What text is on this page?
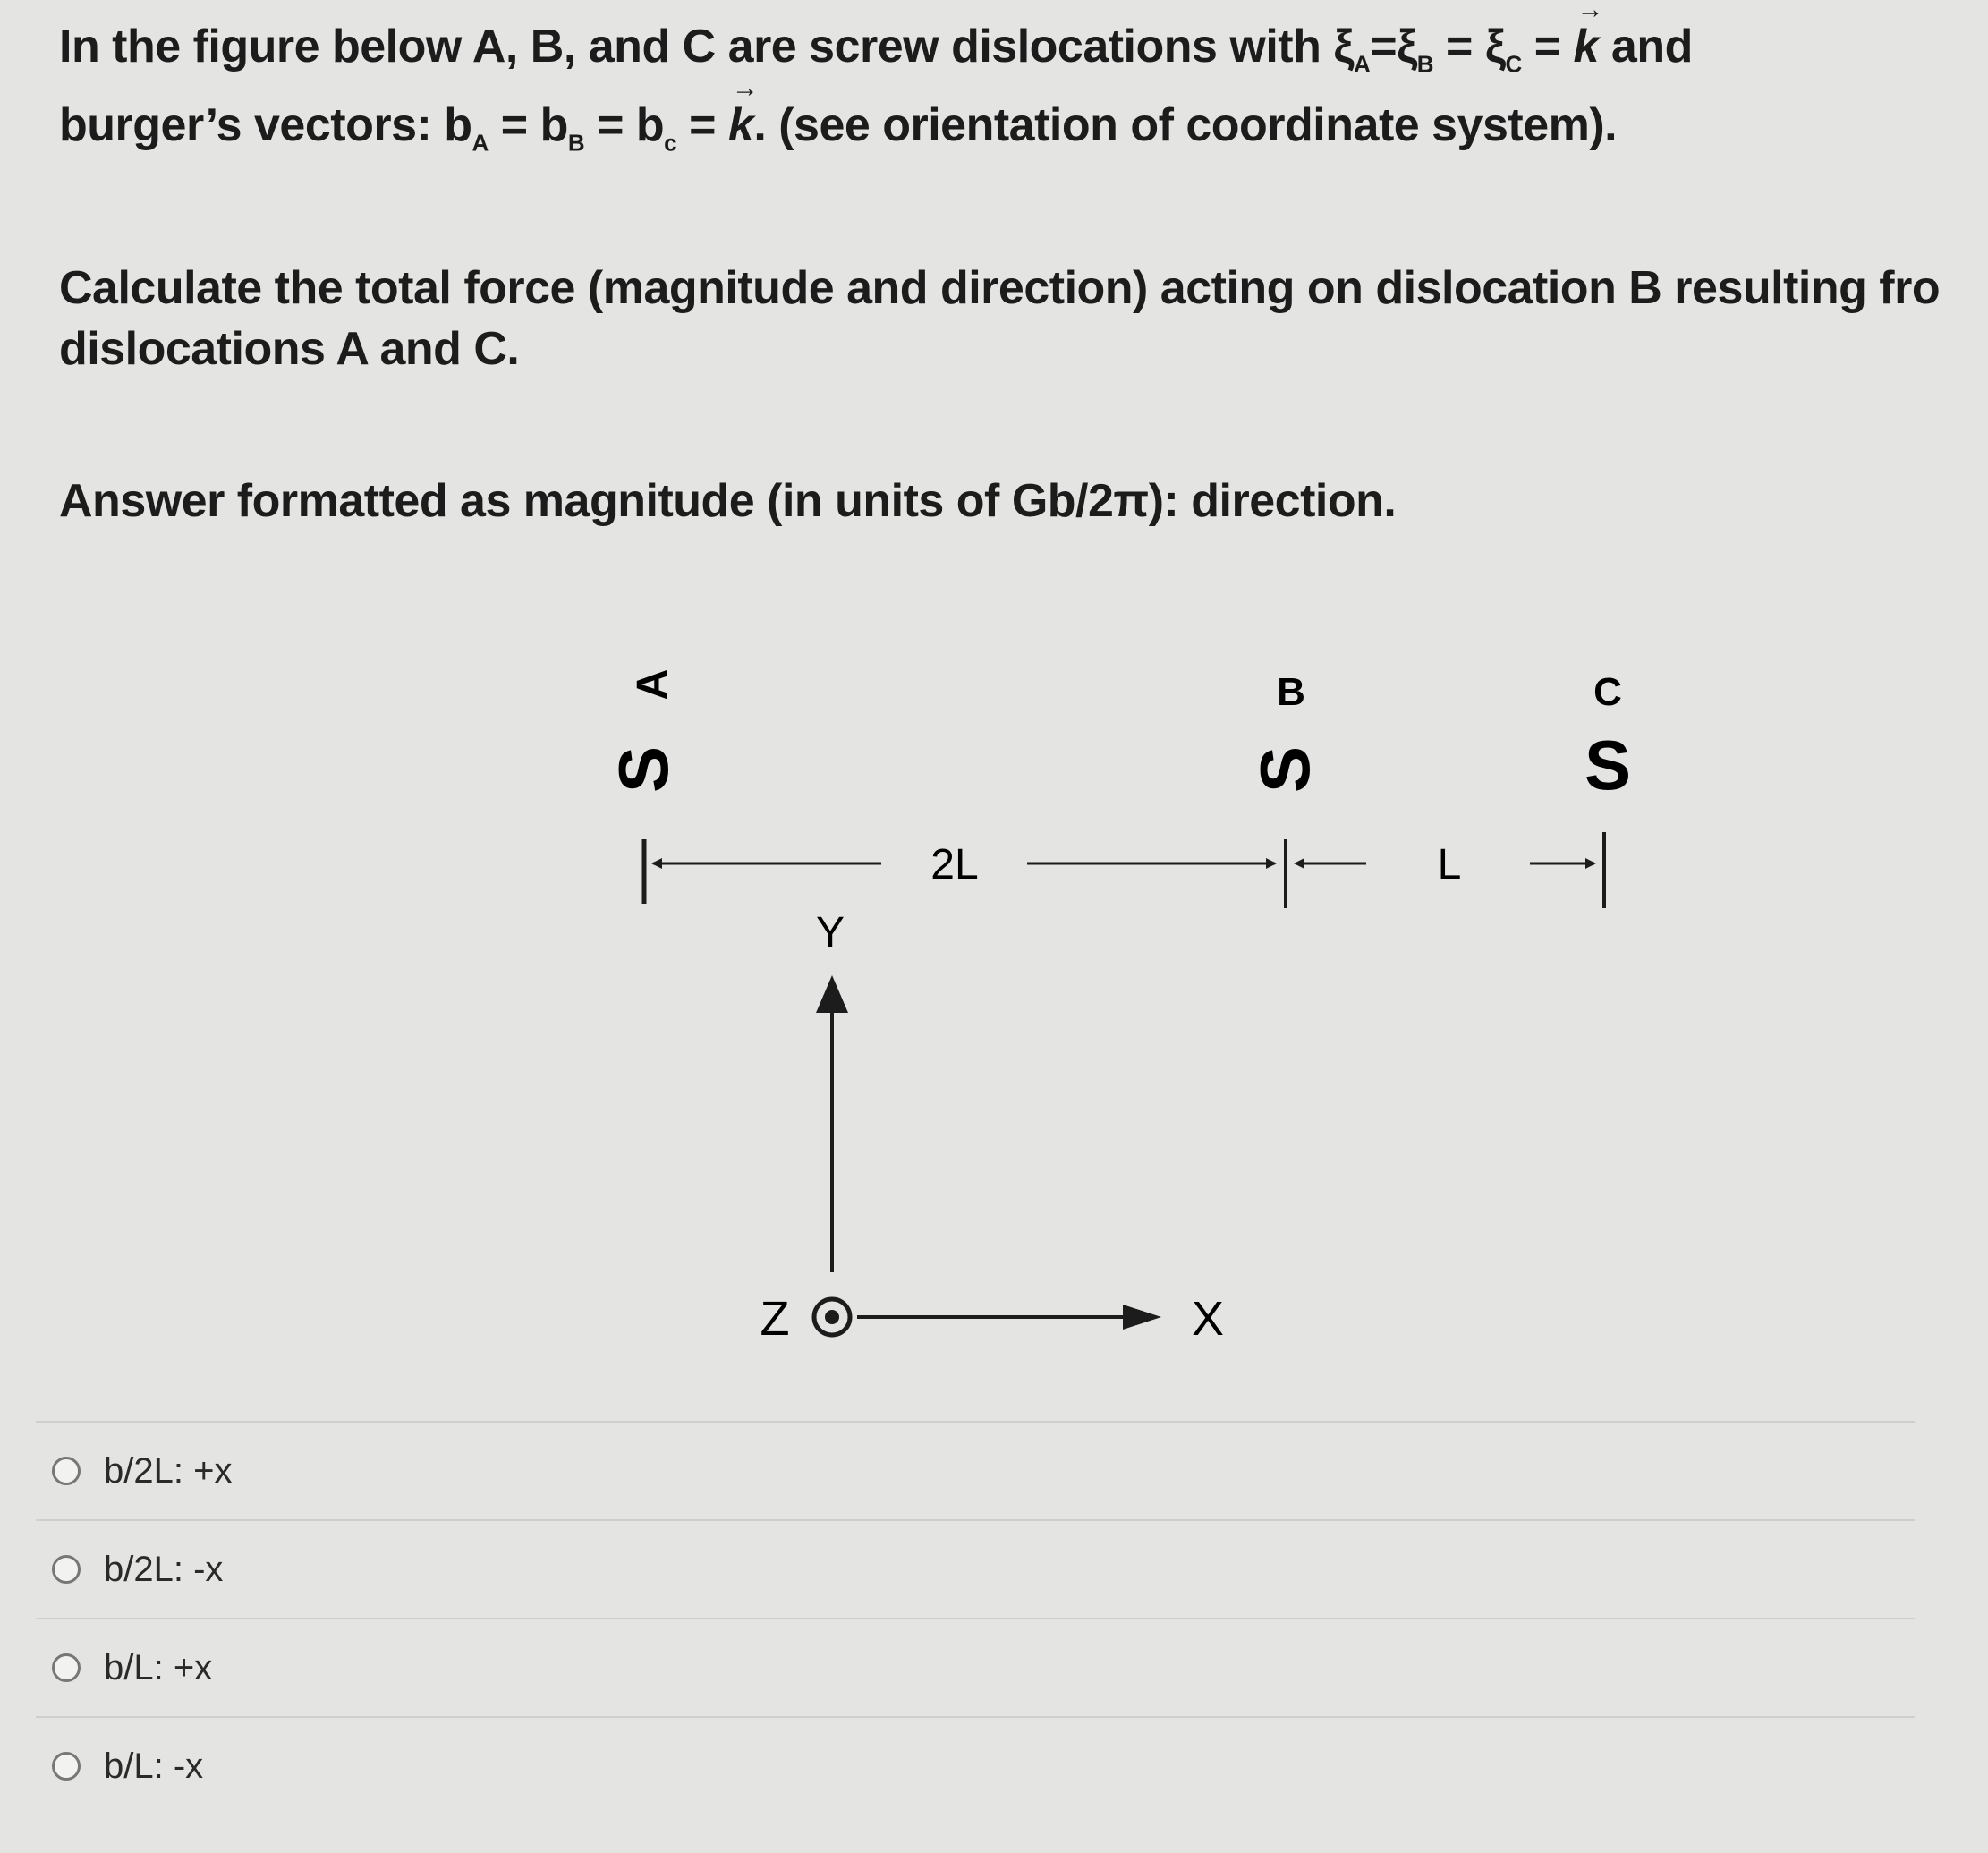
In the figure below A, B, and C are screw dislocations with $\xi_A=\xi_B = \xi_C$ = → k and
burger’s vectors: $b_A = b_B = b_c$ = → k. (see orientation of coordinate system).
Calculate the total force (magnitude and direction) acting on dislocation B resulting fro
dislocations A and C.
Answer formatted as magnitude (in units of Gb/2π): direction.
A	B	C
S	S	S
2L	L
Y
X
Z
b/2L: +x
b/2L: -x
b/L: +x
b/L: -x
